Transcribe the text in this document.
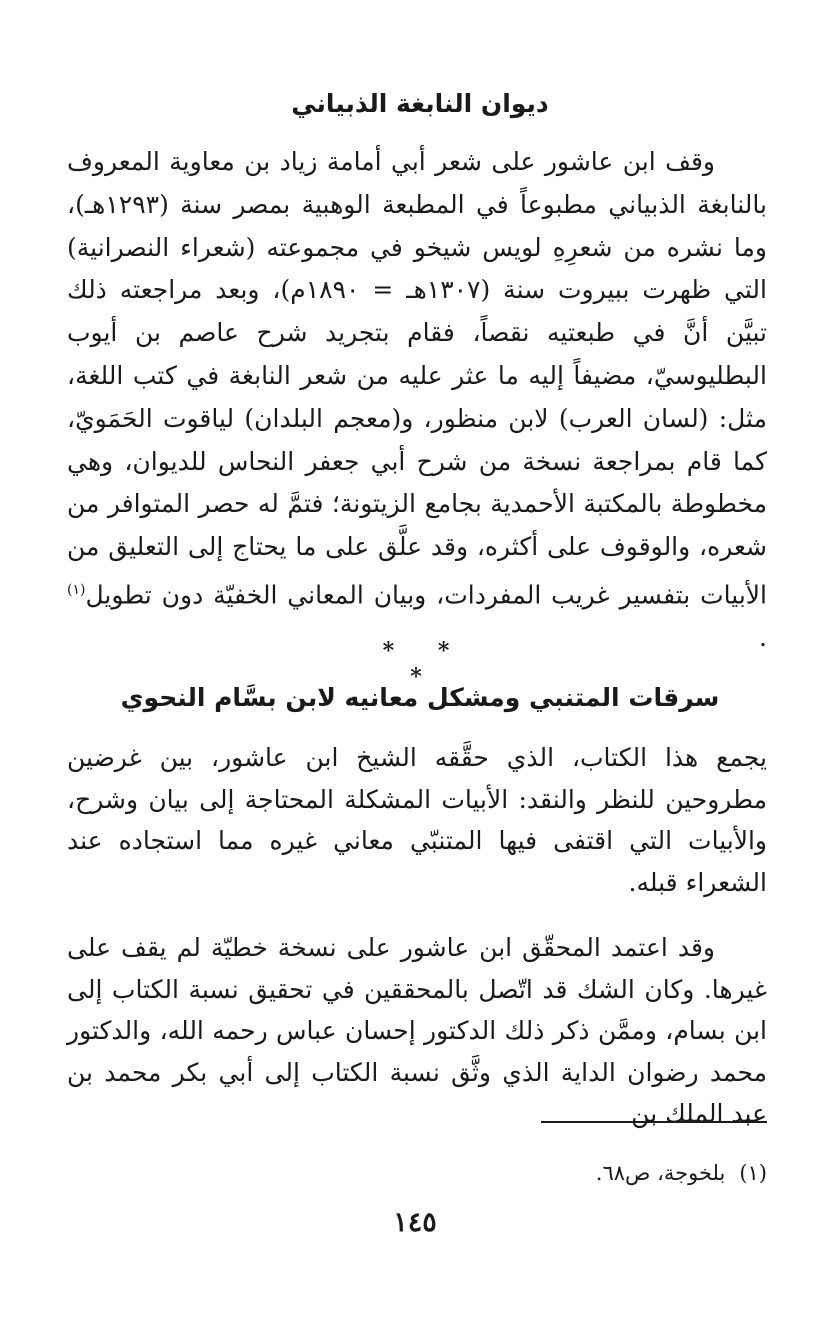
ديوان النابغة الذبياني

وقف ابن عاشور على شعر أبي أمامة زياد بن معاوية المعروف بالنابغة الذبياني مطبوعاً في المطبعة الوهبية بمصر سنة (١٢٩٣هـ)، وما نشره من شعرِهِ لويس شيخو في مجموعته (شعراء النصرانية) التي ظهرت ببيروت سنة (١٣٠٧هـ = ١٨٩٠م)، وبعد مراجعته ذلك تبيَّن أنَّ في طبعتيه نقصاً، فقام بتجريد شرح عاصم بن أيوب البطليوسيّ، مضيفاً إليه ما عثر عليه من شعر النابغة في كتب اللغة، مثل: (لسان العرب) لابن منظور، و(معجم البلدان) لياقوت الحَمَويّ، كما قام بمراجعة نسخة من شرح أبي جعفر النحاس للديوان، وهي مخطوطة بالمكتبة الأحمدية بجامع الزيتونة؛ فتمَّ له حصر المتوافر من شعره، والوقوف على أكثره، وقد علَّق على ما يحتاج إلى التعليق من الأبيات بتفسير غريب المفردات، وبيان المعاني الخفيّة دون تطويل$^{(١)}$ .

* * *

سرقات المتنبي ومشكل معانيه لابن بسَّام النحوي

يجمع هذا الكتاب، الذي حقَّقه الشيخ ابن عاشور، بين غرضين مطروحين للنظر والنقد: الأبيات المشكلة المحتاجة إلى بيان وشرح، والأبيات التي اقتفى فيها المتنبّي معاني غيره مما استجاده عند الشعراء قبله.

وقد اعتمد المحقّق ابن عاشور على نسخة خطيّة لم يقف على غيرها. وكان الشك قد اتّصل بالمحققين في تحقيق نسبة الكتاب إلى ابن بسام، وممَّن ذكر ذلك الدكتور إحسان عباس رحمه الله، والدكتور محمد رضوان الداية الذي وثَّق نسبة الكتاب إلى أبي بكر محمد بن عبد الملك بن

(١)بلخوجة، ص٦٨.

١٤٥
